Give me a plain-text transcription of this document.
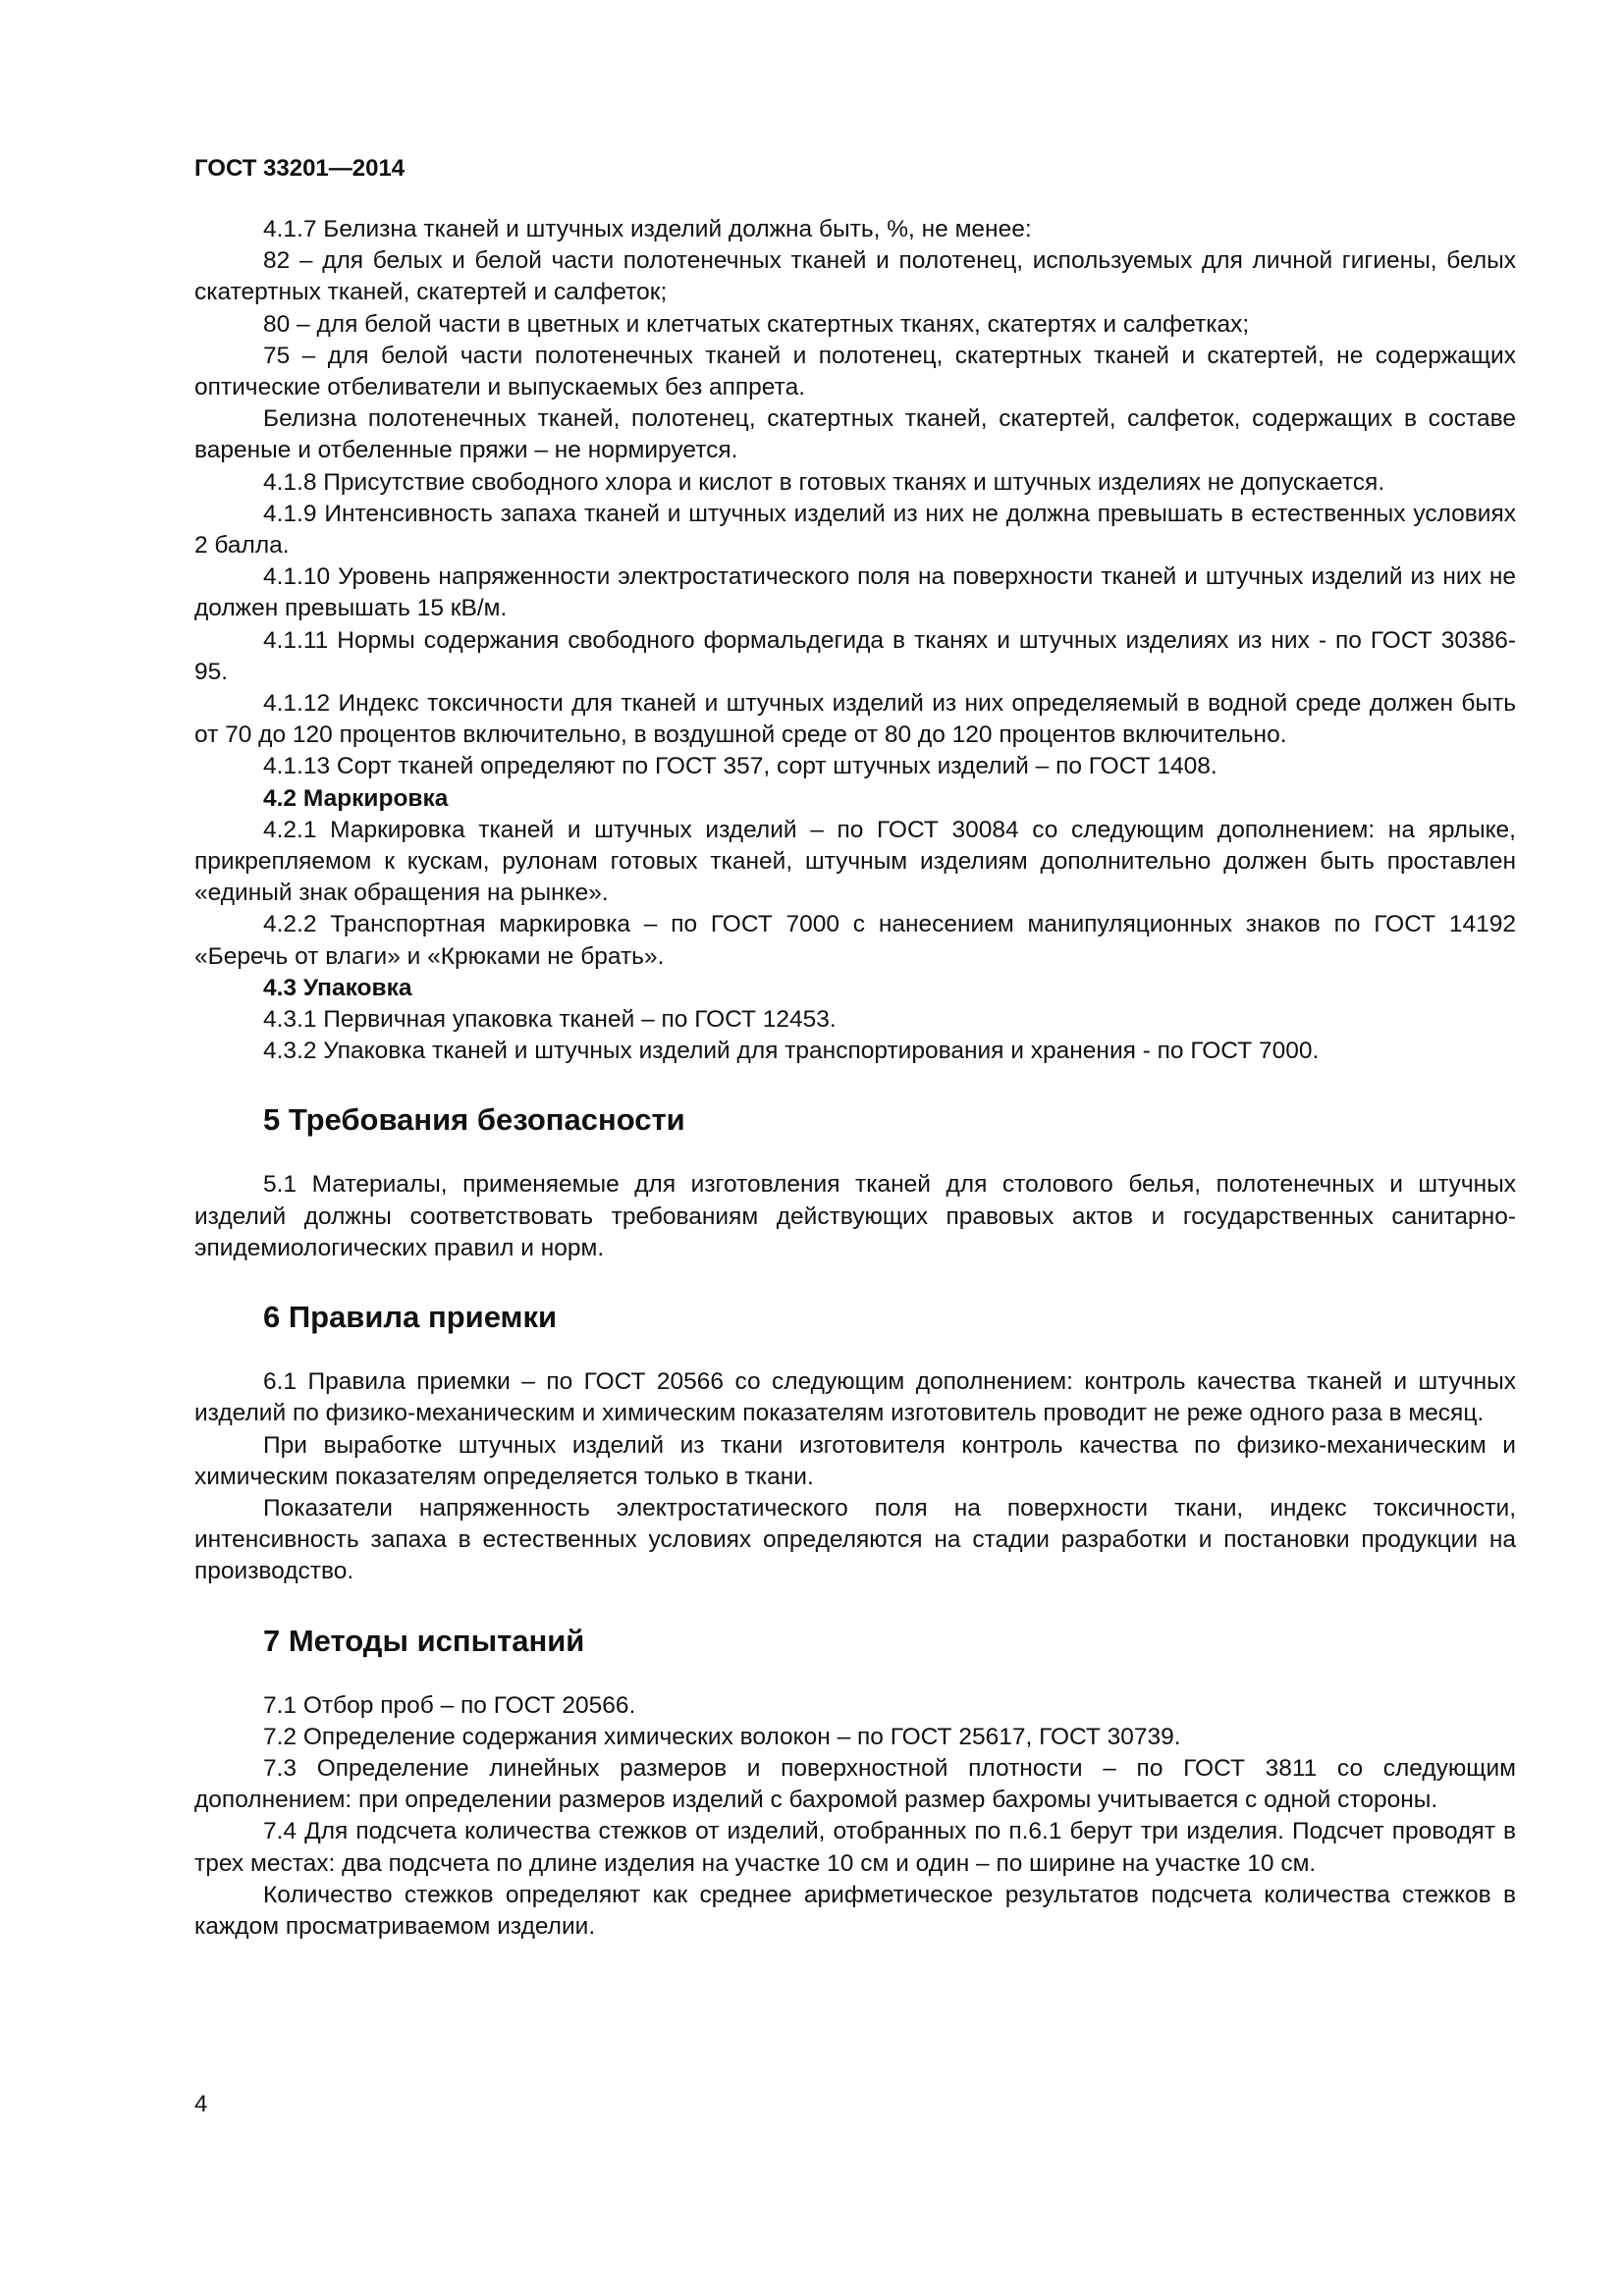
ГОСТ 33201—2014

4.1.7 Белизна тканей и штучных изделий должна быть, %, не менее:

82 – для белых и белой части полотенечных тканей и полотенец, используемых для личной гигиены, белых скатертных тканей, скатертей и салфеток;

80 – для белой части в цветных и клетчатых скатертных тканях, скатертях и салфетках;

75 – для белой части полотенечных тканей и полотенец, скатертных тканей и скатертей, не содержащих оптические отбеливатели и выпускаемых без аппрета.

Белизна полотенечных тканей, полотенец, скатертных тканей, скатертей, салфеток, содержащих в составе вареные и отбеленные пряжи – не нормируется.

4.1.8 Присутствие свободного хлора и кислот в готовых тканях и штучных изделиях не допускается.

4.1.9 Интенсивность запаха тканей и штучных изделий из них не должна превышать в естественных условиях 2 балла.

4.1.10 Уровень напряженности электростатического поля на поверхности тканей и штучных изделий из них не должен превышать 15 кВ/м.

4.1.11 Нормы содержания свободного формальдегида в тканях и штучных изделиях из них - по ГОСТ 30386-95.

4.1.12 Индекс токсичности для тканей и штучных изделий из них определяемый в водной среде должен быть от 70 до 120 процентов включительно, в воздушной среде от 80 до 120 процентов включительно.

4.1.13 Сорт тканей определяют по ГОСТ 357, сорт штучных изделий – по ГОСТ 1408.

4.2 Маркировка

4.2.1 Маркировка тканей и штучных изделий – по ГОСТ 30084 со следующим дополнением: на ярлыке, прикрепляемом к кускам, рулонам готовых тканей, штучным изделиям дополнительно должен быть проставлен «единый знак обращения на рынке».

4.2.2 Транспортная маркировка – по ГОСТ 7000 с нанесением манипуляционных знаков по ГОСТ 14192 «Беречь от влаги» и «Крюками не брать».

4.3 Упаковка

4.3.1 Первичная упаковка тканей – по ГОСТ 12453.

4.3.2 Упаковка тканей и штучных изделий для транспортирования и хранения - по ГОСТ 7000.

5 Требования безопасности

5.1 Материалы, применяемые для изготовления тканей для столового белья, полотенечных и штучных изделий должны соответствовать требованиям действующих правовых актов и государственных санитарно-эпидемиологических правил и норм.

6 Правила приемки

6.1 Правила приемки – по ГОСТ 20566 со следующим дополнением: контроль качества тканей и штучных изделий по физико-механическим и химическим показателям изготовитель проводит не реже одного раза в месяц.

При выработке штучных изделий из ткани изготовителя контроль качества по физико-механическим и химическим показателям определяется только в ткани.

Показатели напряженность электростатического поля на поверхности ткани, индекс токсичности, интенсивность запаха в естественных условиях определяются на стадии разработки и постановки продукции на производство.

7 Методы испытаний

7.1 Отбор проб – по ГОСТ 20566.

7.2 Определение содержания химических волокон – по ГОСТ 25617, ГОСТ 30739.

7.3 Определение линейных размеров и поверхностной плотности – по ГОСТ 3811 со следующим дополнением: при определении размеров изделий с бахромой размер бахромы учитывается с одной стороны.

7.4 Для подсчета количества стежков от изделий, отобранных по п.6.1 берут три изделия. Подсчет проводят в трех местах: два подсчета по длине изделия на участке 10 см и один – по ширине на участке 10 см.

Количество стежков определяют как среднее арифметическое результатов подсчета количества стежков в каждом просматриваемом изделии.

4
